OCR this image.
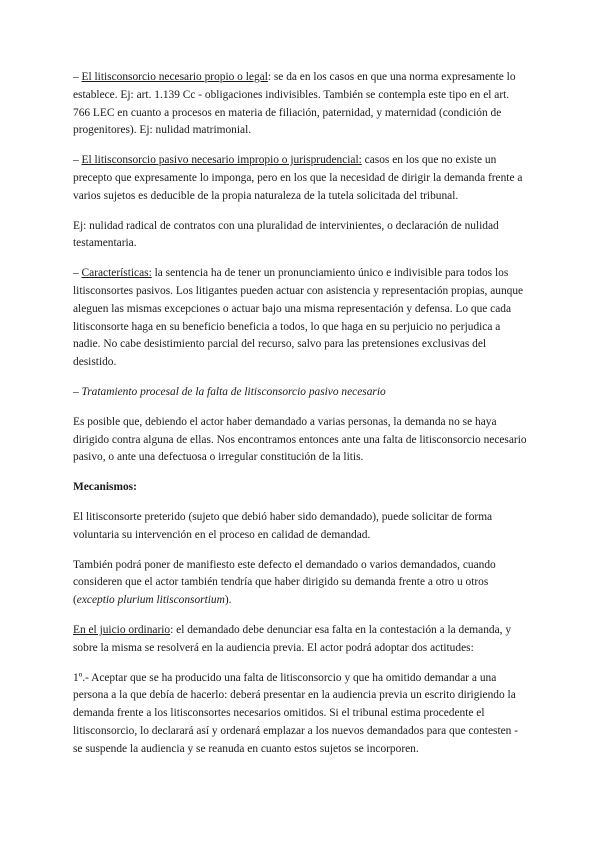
– El litisconsorcio necesario propio o legal: se da en los casos en que una norma expresamente lo establece. Ej: art. 1.139 Cc - obligaciones indivisibles. También se contempla este tipo en el art. 766 LEC en cuanto a procesos en materia de filiación, paternidad, y maternidad (condición de progenitores). Ej: nulidad matrimonial.

– El litisconsorcio pasivo necesario impropio o jurisprudencial: casos en los que no existe un precepto que expresamente lo imponga, pero en los que la necesidad de dirigir la demanda frente a varios sujetos es deducible de la propia naturaleza de la tutela solicitada del tribunal.

Ej: nulidad radical de contratos con una pluralidad de intervinientes, o declaración de nulidad testamentaria.

– Características: la sentencia ha de tener un pronunciamiento único e indivisible para todos los litisconsortes pasivos. Los litigantes pueden actuar con asistencia y representación propias, aunque aleguen las mismas excepciones o actuar bajo una misma representación y defensa. Lo que cada litisconsorte haga en su beneficio beneficia a todos, lo que haga en su perjuicio no perjudica a nadie. No cabe desistimiento parcial del recurso, salvo para las pretensiones exclusivas del desistido.

– Tratamiento procesal de la falta de litisconsorcio pasivo necesario

Es posible que, debiendo el actor haber demandado a varias personas, la demanda no se haya dirigido contra alguna de ellas. Nos encontramos entonces ante una falta de litisconsorcio necesario pasivo, o ante una defectuosa o irregular constitución de la litis.

Mecanismos:

El litisconsorte preterido (sujeto que debió haber sido demandado), puede solicitar de forma voluntaria su intervención en el proceso en calidad de demandad.

También podrá poner de manifiesto este defecto el demandado o varios demandados, cuando consideren que el actor también tendría que haber dirigido su demanda frente a otro u otros (exceptio plurium litisconsortium).

En el juicio ordinario: el demandado debe denunciar esa falta en la contestación a la demanda, y sobre la misma se resolverá en la audiencia previa. El actor podrá adoptar dos actitudes:

1º.- Aceptar que se ha producido una falta de litisconsorcio y que ha omitido demandar a una persona a la que debía de hacerlo: deberá presentar en la audiencia previa un escrito dirigiendo la demanda frente a los litisconsortes necesarios omitidos. Si el tribunal estima procedente el litisconsorcio, lo declarará así y ordenará emplazar a los nuevos demandados para que contesten - se suspende la audiencia y se reanuda en cuanto estos sujetos se incorporen.
